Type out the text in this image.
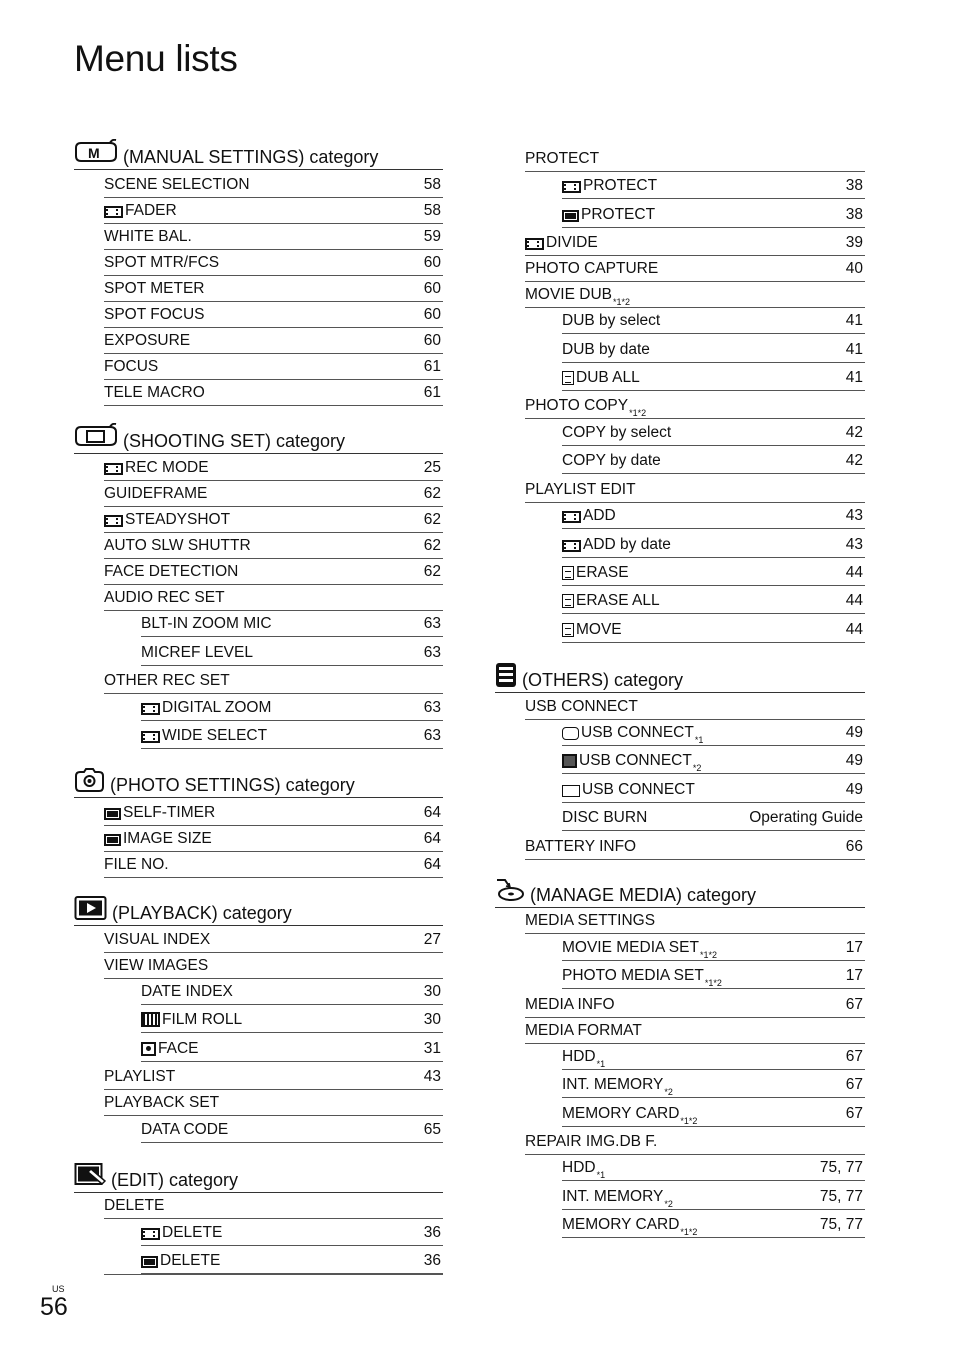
Menu lists
M (MANUAL SETTINGS) category
SCENE SELECTION	58
FADER	58
WHITE BAL.	59
SPOT MTR/FCS	60
SPOT METER	60
SPOT FOCUS	60
EXPOSURE	60
FOCUS	61
TELE MACRO	61
(SHOOTING SET) category
REC MODE	25
GUIDEFRAME	62
STEADYSHOT	62
AUTO SLW SHUTTR	62
FACE DETECTION	62
AUDIO REC SET
BLT-IN ZOOM MIC	63
MICREF LEVEL	63
OTHER REC SET
DIGITAL ZOOM	63
WIDE SELECT	63
(PHOTO SETTINGS) category
SELF-TIMER	64
IMAGE SIZE	64
FILE NO.	64
(PLAYBACK) category
VISUAL INDEX	27
VIEW IMAGES
DATE INDEX	30
FILM ROLL	30
FACE	31
PLAYLIST	43
PLAYBACK SET
DATA CODE	65
(EDIT) category
DELETE
DELETE	36
DELETE	36
PROTECT
PROTECT	38
PROTECT	38
DIVIDE	39
PHOTO CAPTURE	40
MOVIE $DUB^{*1*2}$
DUB by select	41
DUB by date	41
DUB ALL	41
PHOTO $COPY^{*1*2}$
COPY by select	42
COPY by date	42
PLAYLIST EDIT
ADD	43
ADD by date	43
ERASE	44
ERASE ALL	44
MOVE	44
(OTHERS) category
USB CONNECT
USB CONNECT$^{*1}$	49
USB CONNECT$^{*2}$	49
USB CONNECT	49
DISC BURN	Operating Guide
BATTERY INFO	66
(MANAGE MEDIA) category
MEDIA SETTINGS
MOVIE MEDIA $SET^{*1*2}$	17
PHOTO MEDIA $SET^{*1*2}$	17
MEDIA INFO	67
MEDIA FORMAT
HDD$^{*1}$	67
INT. MEMORY$^{*2}$	67
MEMORY $CARD^{*1*2}$	67
REPAIR IMG.DB F.
HDD$^{*1}$	75, 77
INT. MEMORY$^{*2}$	75, 77
MEMORY $CARD^{*1*2}$	75, 77
US
56
